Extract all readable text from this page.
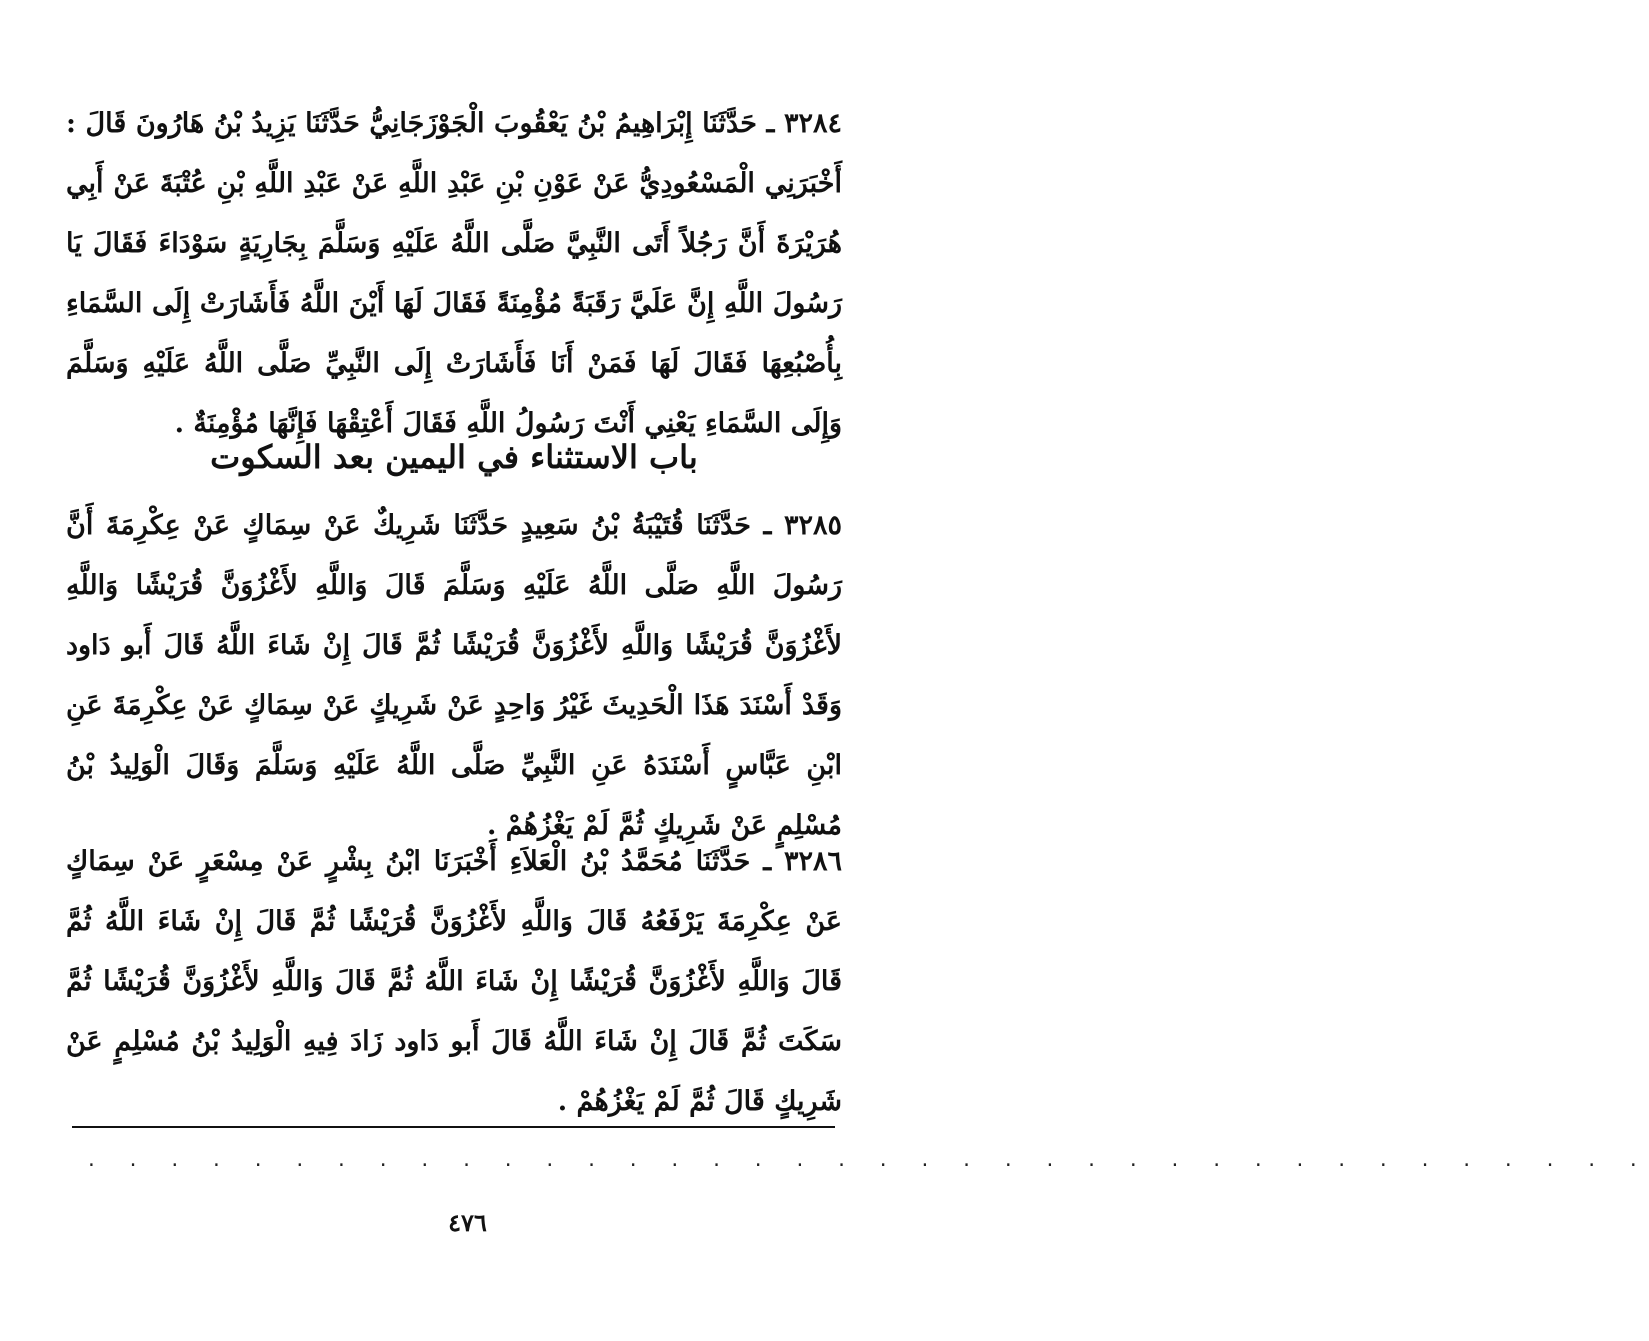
٣٢٨٤ ـ حَدَّثَنَا إِبْرَاهِيمُ بْنُ يَعْقُوبَ الْجَوْزَجَانِيُّ حَدَّثَنَا يَزِيدُ بْنُ هَارُونَ قَالَ : أَخْبَرَنِي الْمَسْعُودِيُّ عَنْ عَوْنِ بْنِ عَبْدِ اللَّهِ عَنْ عَبْدِ اللَّهِ بْنِ عُتْبَةَ عَنْ أَبِي هُرَيْرَةَ أَنَّ رَجُلاً أَتَى النَّبِيَّ صَلَّى اللَّهُ عَلَيْهِ وَسَلَّمَ بِجَارِيَةٍ سَوْدَاءَ فَقَالَ يَا رَسُولَ اللَّهِ إِنَّ عَلَيَّ رَقَبَةً مُؤْمِنَةً فَقَالَ لَهَا أَيْنَ اللَّهُ فَأَشَارَتْ إِلَى السَّمَاءِ بِأُصْبُعِهَا فَقَالَ لَهَا فَمَنْ أَنَا فَأَشَارَتْ إِلَى النَّبِيِّ صَلَّى اللَّهُ عَلَيْهِ وَسَلَّمَ وَإِلَى السَّمَاءِ يَعْنِي أَنْتَ رَسُولُ اللَّهِ فَقَالَ أَعْتِقْهَا فَإِنَّهَا مُؤْمِنَةٌ .

باب الاستثناء في اليمين بعد السكوت

٣٢٨٥ ـ حَدَّثَنَا قُتَيْبَةُ بْنُ سَعِيدٍ حَدَّثَنَا شَرِيكٌ عَنْ سِمَاكٍ عَنْ عِكْرِمَةَ أَنَّ رَسُولَ اللَّهِ صَلَّى اللَّهُ عَلَيْهِ وَسَلَّمَ قَالَ وَاللَّهِ لأَغْزُوَنَّ قُرَيْشًا وَاللَّهِ لأَغْزُوَنَّ قُرَيْشًا وَاللَّهِ لأَغْزُوَنَّ قُرَيْشًا ثُمَّ قَالَ إِنْ شَاءَ اللَّهُ قَالَ أَبو دَاود وَقَدْ أَسْنَدَ هَذَا الْحَدِيثَ غَيْرُ وَاحِدٍ عَنْ شَرِيكٍ عَنْ سِمَاكٍ عَنْ عِكْرِمَةَ عَنِ ابْنِ عَبَّاسٍ أَسْنَدَهُ عَنِ النَّبِيِّ صَلَّى اللَّهُ عَلَيْهِ وَسَلَّمَ وَقَالَ الْوَلِيدُ بْنُ مُسْلِمٍ عَنْ شَرِيكٍ ثُمَّ لَمْ يَغْزُهُمْ .

٣٢٨٦ ـ حَدَّثَنَا مُحَمَّدُ بْنُ الْعَلاَءِ أَخْبَرَنَا ابْنُ بِشْرٍ عَنْ مِسْعَرٍ عَنْ سِمَاكٍ عَنْ عِكْرِمَةَ يَرْفَعُهُ قَالَ وَاللَّهِ لأَغْزُوَنَّ قُرَيْشًا ثُمَّ قَالَ إِنْ شَاءَ اللَّهُ ثُمَّ قَالَ وَاللَّهِ لأَغْزُوَنَّ قُرَيْشًا إِنْ شَاءَ اللَّهُ ثُمَّ قَالَ وَاللَّهِ لأَغْزُوَنَّ قُرَيْشًا ثُمَّ سَكَتَ ثُمَّ قَالَ إِنْ شَاءَ اللَّهُ قَالَ أَبو دَاود زَادَ فِيهِ الْوَلِيدُ بْنُ مُسْلِمٍ عَنْ شَرِيكٍ قَالَ ثُمَّ لَمْ يَغْزُهُمْ .

. . . . . . . . . . . . . . . . . . . . . . . . . . . . . . . . . . . . . .
٤٧٦
